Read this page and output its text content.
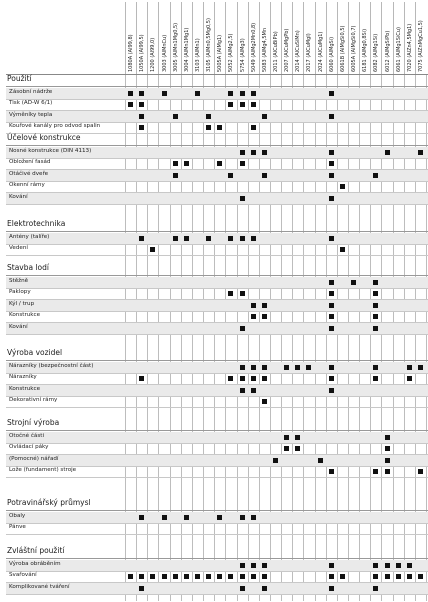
1080A (Al99,8) 1050A (Al99,5) 1200 (Al99,0) 3003 (AlMnCu) 3005 (AlMn1Mg0,5) 3004 (AlMn1Mg1) 3103 (AlMn1) 3105 (AlMn0,5Mg0,5) 5005A (AlMg1) 5052 (AlMg2,5) 5754 (AlMg3) 5049 (AlMg2Mn0,8) 5083 (AlMg4,5Mn 2011 (AlCuBiPb) 2007 (AlCuMgPb) 2014 (AlCuSiMn) 2017 (AlCuMgI) 2024 (AlCuMg1) 6060 (AlMgSi) 6061B (AlMgSi0,5) 6005A (AlMgSi0,7) 6181 (AlMg0,8Si) 6082 (AlMg1Si) 6012 (AlMgSiPb) 6061 (AlMg1SiCu) 7020 (AlZn4,5Mg1) 7075 (AlZnMgCu1,5)
Použití
Zásobní nádrže
Tisk (AD-W 6/1)
Výměníky tepla
Kouřové kanály pro odvod spalin
Účelové konstrukce
Nosné konstrukce (DIN 4113)
Obložení fasád
Otáčivé dveře
Okenní rámy
Kování
Elektrotechnika
Antény (talíře)
Vedení
Stavba lodí
Stěžně
Paklopy
Kýl / trup
Konstrukce
Kování
Výroba vozidel
Nárazníky (bezpečnostní část)
Nárazníky
Konstrukce
Dekorativní rámy
Strojní výroba
Otočné části
Ovládací páky
(Pomocné) nářadí
Lože (fundament) stroje
Potravinářský průmysl
Obaly
Pánve
Zvláštní použití
Výroba obráběním
Svařování
Komplikované tváření
